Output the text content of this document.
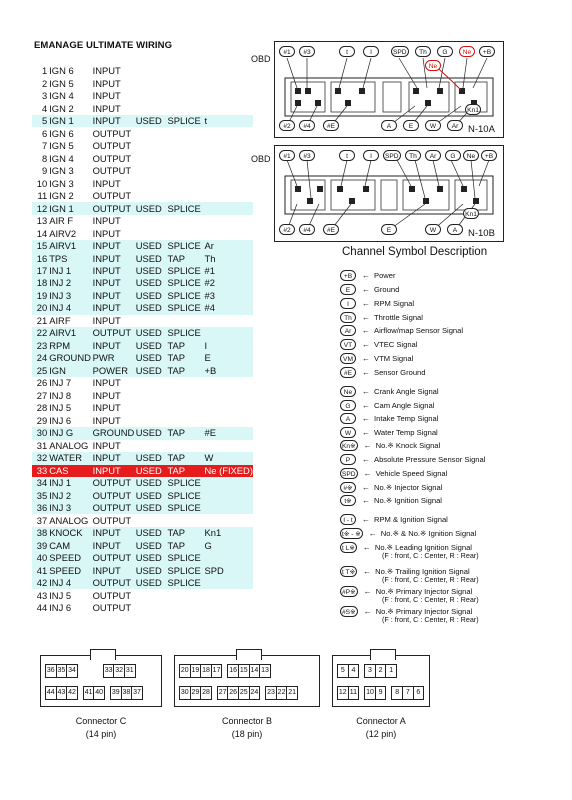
EMANAGE ULTIMATE WIRING
1	IGN 6	INPUT			
2	IGN 5	INPUT			
3	IGN 4	INPUT			
4	IGN 2	INPUT			
5	IGN 1	INPUT	USED	SPLICE	t
6	IGN 6	OUTPUT			
7	IGN 5	OUTPUT			
8	IGN 4	OUTPUT			
9	IGN 3	OUTPUT			
10	IGN 3	INPUT			
11	IGN 2	OUTPUT			
12	IGN 1	OUTPUT	USED	SPLICE	
13	AIR F	INPUT			
14	AIRV2	INPUT			
15	AIRV1	INPUT	USED	SPLICE	Ar
16	TPS	INPUT	USED	TAP	Th
17	INJ 1	INPUT	USED	SPLICE	#1
18	INJ 2	INPUT	USED	SPLICE	#2
19	INJ 3	INPUT	USED	SPLICE	#3
20	INJ 4	INPUT	USED	SPLICE	#4
21	AIRF	INPUT			
22	AIRV1	OUTPUT	USED	SPLICE	
23	RPM	INPUT	USED	TAP	I
24	GROUND	PWR	USED	TAP	E
25	IGN	POWER	USED	TAP	+B
26	INJ 7	INPUT			
27	INJ 8	INPUT			
28	INJ 5	INPUT			
29	INJ 6	INPUT			
30	INJ G	GROUND	USED	TAP	#E
31	ANALOG	INPUT			
32	WATER	INPUT	USED	TAP	W
33	CAS	INPUT	USED	TAP	Ne (FIXED)
34	INJ 1	OUTPUT	USED	SPLICE	
35	INJ 2	OUTPUT	USED	SPLICE	
36	INJ 3	OUTPUT	USED	SPLICE	
37	ANALOG	OUTPUT			
38	KNOCK	INPUT	USED	TAP	Kn1
39	CAM	INPUT	USED	TAP	G
40	SPEED	OUTPUT	USED	SPLICE	
41	SPEED	INPUT	USED	SPLICE	SPD
42	INJ 4	OUTPUT	USED	SPLICE	
43	INJ 5	OUTPUT			
44	INJ 6	OUTPUT			
OBD
#1	#3	t	I	SPD	Th	G	Ne	+B
#2	#4	#E	A	E	W	Ar
Ne
Kn1
N-10A
OBD	#1	#3	t	I	SPD	Th	Ar	G	Ne	+B
#2	#4	#E	E	W	A
Kn1
N-10B
Channel Symbol Description
+B	← Power
E	← Ground
I	← RPM Signal
Th	← Throttle Signal
Ar	← Airflow/map Sensor Signal
VT	← VTEC Signal
VM	← VTM Signal
#E	← Sensor Ground
Ne	← Crank Angle Signal
G	← Cam Angle Signal
A	← Intake Temp Signal
W	← Water Temp Signal
Kn※ ← No.※ Knock Signal
P	← Absolute Pressure Sensor Signal
SPD ← Vehicle Speed Signal
#※	← No.※ Injector Signal
t※	← No.※ Ignition Signal
I - t	← RPM & Ignition Signal
t※ - ※ ← No.※ & No.※ Ignition Signal
t L※ ← No.※ Leading Ignition Signal
(F : front, C : Center, R : Rear)
t T※ ← No.※ Trailing Ignition Signal
(F : front, C : Center, R : Rear)
#P※ ← No.※ Primary Injector Signal
(F : front, C : Center, R : Rear)
#S※ ← No.※ Primary Injector Signal
(F : front, C : Center, R : Rear)
36 35 34	33 32 31
44 43 42 41 40 39 38 37
Connector C
(14 pin)
20 19 18 17 16 15 14 13
30 29 28 27 26 25 24 23 22 21
Connector B
(18 pin)
5 4	3 2 1
12 11 10 9	8 7 6
Connector A
(12 pin)
